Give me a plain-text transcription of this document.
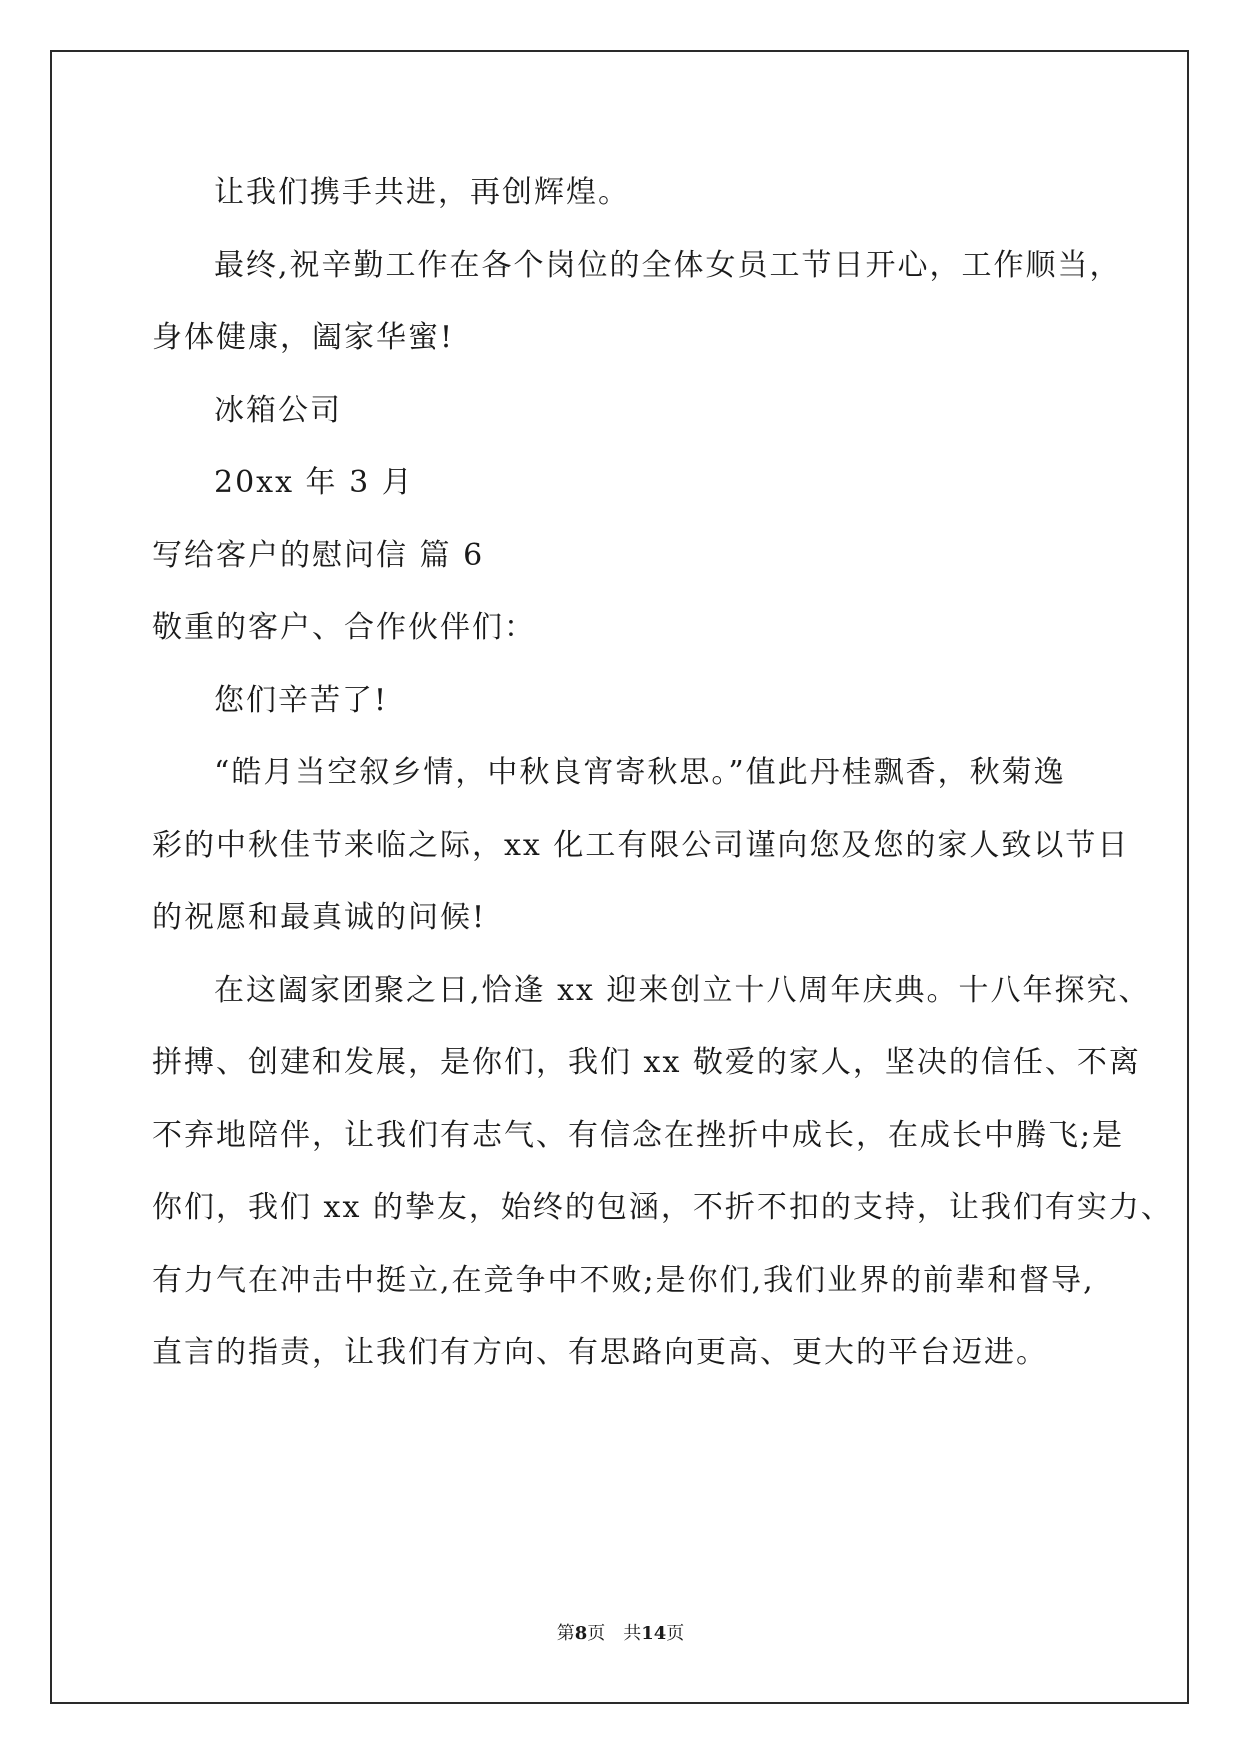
让我们携手共进，再创辉煌。
最终,祝辛勤工作在各个岗位的全体女员工节日开心，工作顺当，
身体健康，阖家华蜜!
冰箱公司
20xx 年 3 月
写给客户的慰问信 篇 6
敬重的客户、合作伙伴们：
您们辛苦了!
“皓月当空叙乡情，中秋良宵寄秋思。”值此丹桂飘香，秋菊逸
彩的中秋佳节来临之际，xx 化工有限公司谨向您及您的家人致以节日
的祝愿和最真诚的问候!
在这阖家团聚之日,恰逢 xx 迎来创立十八周年庆典。十八年探究、
拼搏、创建和发展，是你们，我们 xx 敬爱的家人，坚决的信任、不离
不弃地陪伴，让我们有志气、有信念在挫折中成长，在成长中腾飞;是
你们，我们 xx 的挚友，始终的包涵，不折不扣的支持，让我们有实力、
有力气在冲击中挺立,在竞争中不败;是你们,我们业界的前辈和督导,
直言的指责，让我们有方向、有思路向更高、更大的平台迈进。
第8页　共14页
